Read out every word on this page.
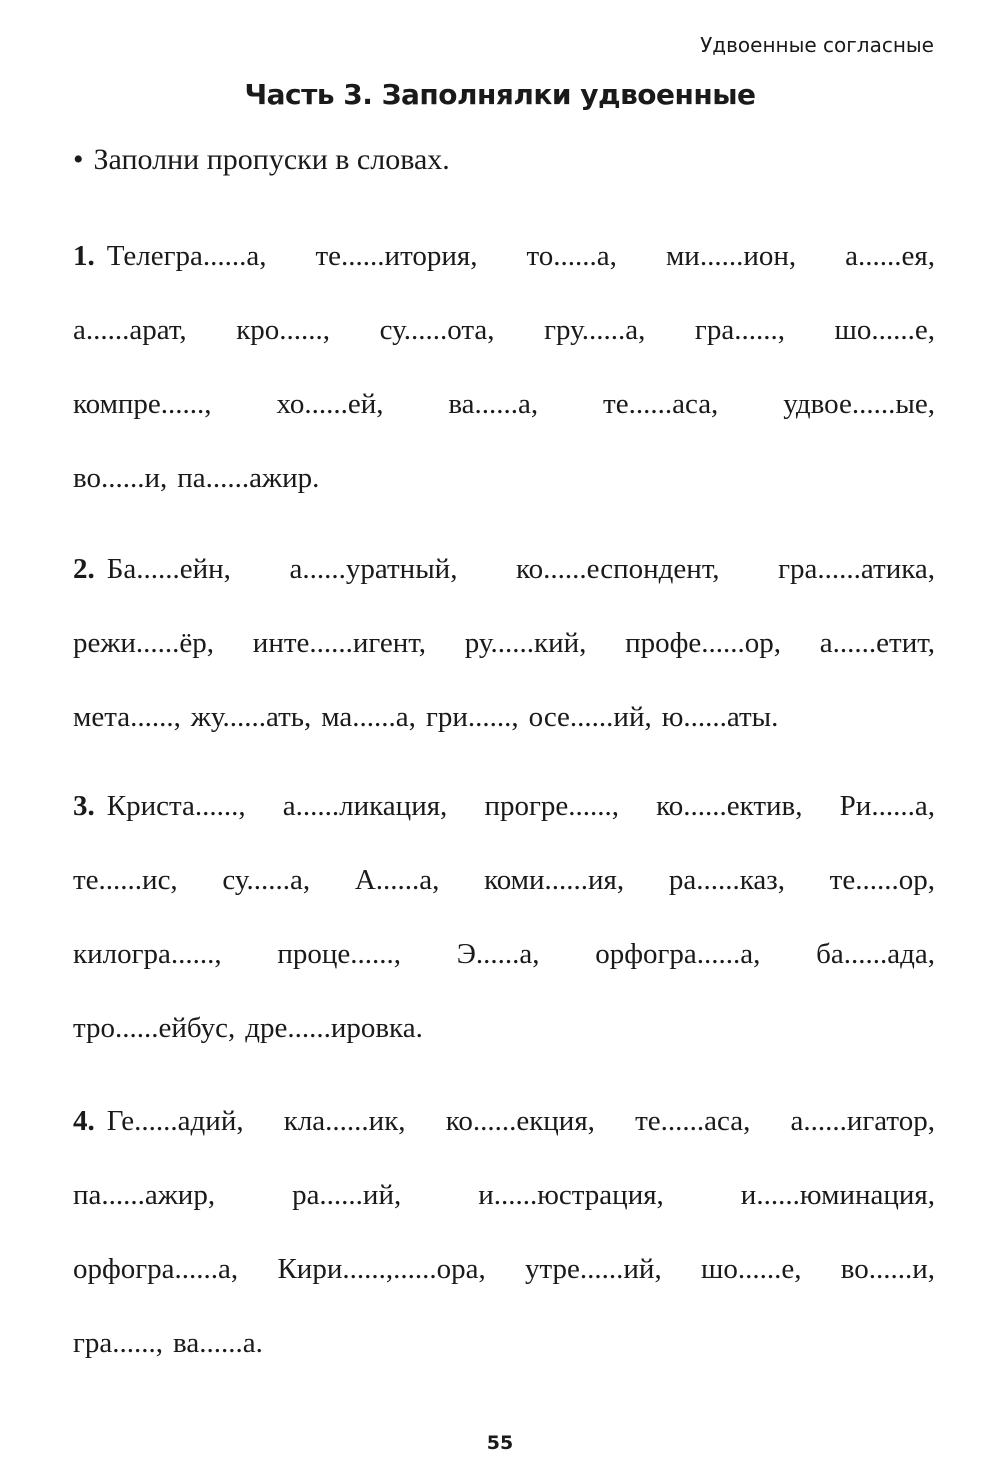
Удвоенные согласные
Часть 3. Заполнялки удвоенные
• Заполни пропуски в словах.
1. Телегра......а, те......итория, то......а, ми......ион, а......ея,
а......арат, кро......, су......ота, гру......а, гра......, шо......е,
компре......, хо......ей, ва......а, те......аса, удвое......ые,
во......и, па......ажир.
2. Ба......ейн, а......уратный, ко......еспондент, гра......атика,
режи......ёр, инте......игент, ру......кий, профе......ор, а......етит,
мета......, жу......ать, ма......а, гри......, осе......ий, ю......аты.
3. Криста......, а......ликация, прогре......, ко......ектив, Ри......а,
те......ис, су......а, А......а, коми......ия, ра......каз, те......ор,
килогра......, проце......, Э......а, орфогра......а, ба......ада,
тро......ейбус, дре......ировка.
4. Ге......адий, кла......ик, ко......екция, те......аса, а......игатор,
па......ажир,	ра......ий,	и......юстрация,	и......юминация,
орфогра......а, Кири......,......ора, утре......ий, шо......е, во......и,
гра......, ва......а.
55
